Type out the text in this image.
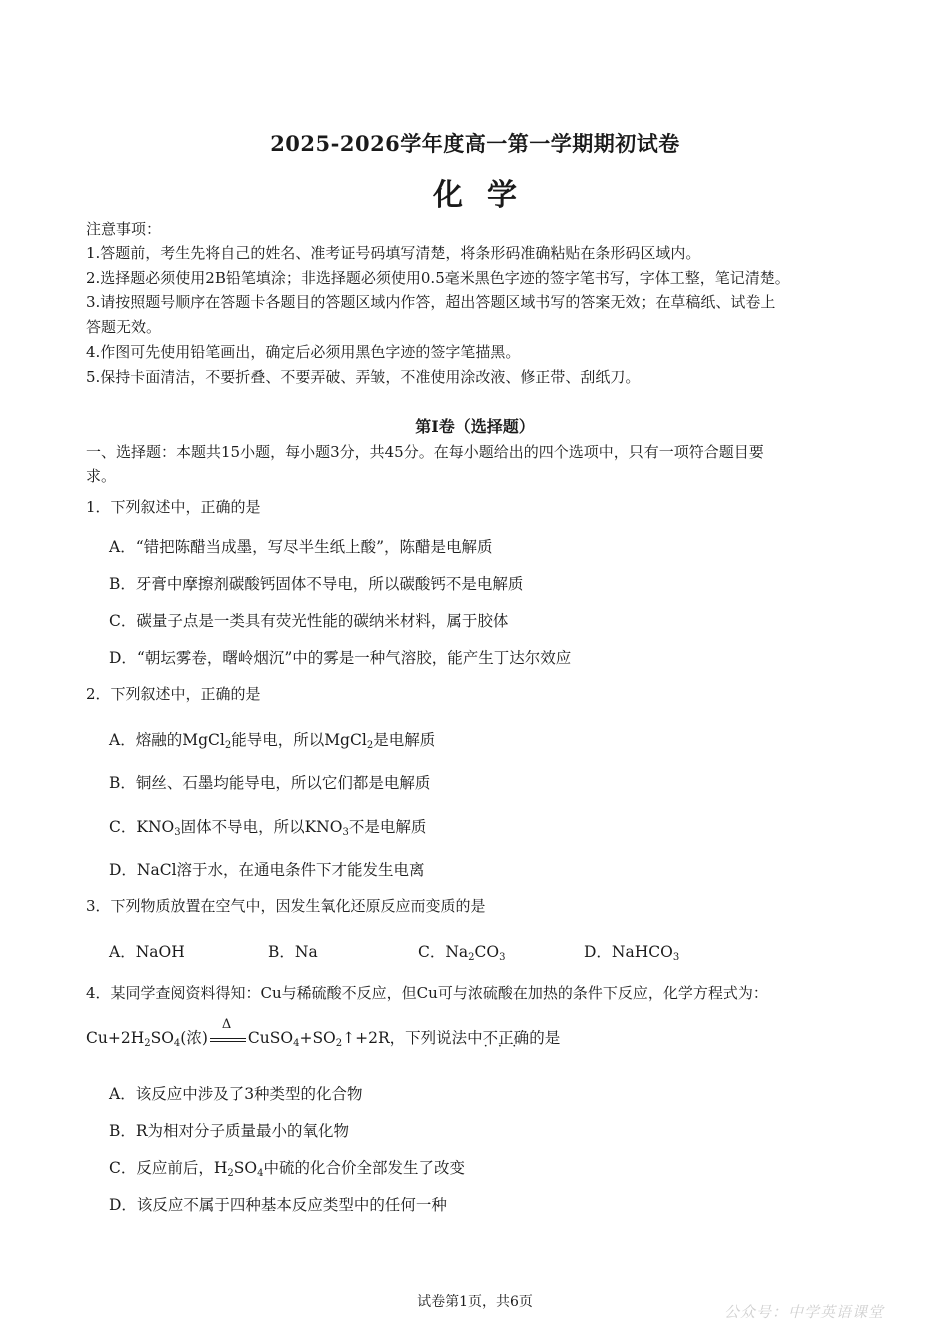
2025-2026学年度高一第一学期期初试卷
化学
注意事项：
1.答题前，考生先将自己的姓名、准考证号码填写清楚，将条形码准确粘贴在条形码区域内。
2.选择题必须使用2B铅笔填涂；非选择题必须使用0.5毫米黑色字迹的签字笔书写，字体工整，笔记清楚。
3.请按照题号顺序在答题卡各题目的答题区域内作答，超出答题区域书写的答案无效；在草稿纸、试卷上
答题无效。
4.作图可先使用铅笔画出，确定后必须用黑色字迹的签字笔描黑。
5.保持卡面清洁，不要折叠、不要弄破、弄皱，不准使用涂改液、修正带、刮纸刀。
第Ⅰ卷（选择题）
一、选择题：本题共15小题，每小题3分，共45分。在每小题给出的四个选项中，只有一项符合题目要
求。
1．下列叙述中，正确的是
A．“错把陈醋当成墨，写尽半生纸上酸”，陈醋是电解质
B．牙膏中摩擦剂碳酸钙固体不导电，所以碳酸钙不是电解质
C．碳量子点是一类具有荧光性能的碳纳米材料，属于胶体
D．“朝坛雾卷，曙岭烟沉”中的雾是一种气溶胶，能产生丁达尔效应
2．下列叙述中，正确的是
A．熔融的MgCl$_2$能导电，所以MgCl$_2$是电解质
B．铜丝、石墨均能导电，所以它们都是电解质
C．$KNO_3$固体不导电，所以$KNO_3$不是电解质
D．NaCl溶于水，在通电条件下才能发生电离
3．下列物质放置在空气中，因发生氧化还原反应而变质的是
A．NaOH	B．Na	C．$Na_2CO_3$	D．NaHCO$_3$
4．某同学查阅资料得知：Cu与稀硫酸不反应，但Cu可与浓硫酸在加热的条件下反应，化学方程式为：
$Cu+2H_2SO_4$(浓)
Δ
$CuSO_4+SO_2↑+2R$，下列说法中不正确 · · ·的是
A．该反应中涉及了3种类型的化合物
B．R为相对分子质量最小的氧化物
C．反应前后，$H_2SO_4$中硫的化合价全部发生了改变
D．该反应不属于四种基本反应类型中的任何一种
试卷第1页，共6页
公众号：中学英语课堂
